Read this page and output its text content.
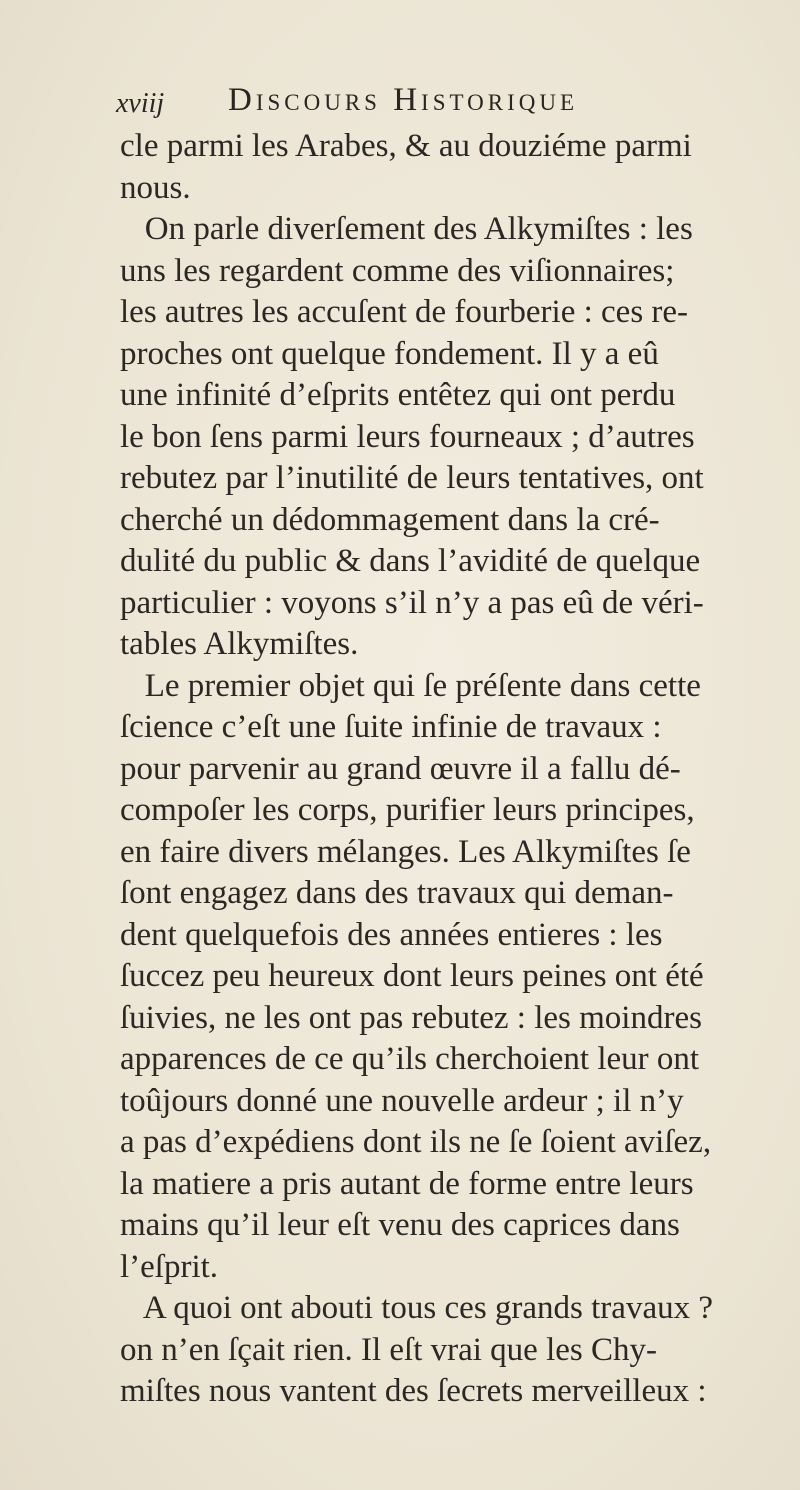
xviij Discours Historique
cle parmi les Arabes, & au douziéme parmi
nous.
On parle diverſement des Alkymiſtes : les
uns les regardent comme des viſionnaires;
les autres les accuſent de fourberie : ces re-
proches ont quelque fondement. Il y a eû
une infinité d’eſprits entêtez qui ont perdu
le bon ſens parmi leurs fourneaux ; d’autres
rebutez par l’inutilité de leurs tentatives, ont
cherché un dédommagement dans la cré-
dulité du public & dans l’avidité de quelque
particulier : voyons s’il n’y a pas eû de véri-
tables Alkymiſtes.
Le premier objet qui ſe préſente dans cette
ſcience c’eſt une ſuite infinie de travaux :
pour parvenir au grand œuvre il a fallu dé-
compoſer les corps, purifier leurs principes,
en faire divers mélanges. Les Alkymiſtes ſe
ſont engagez dans des travaux qui deman-
dent quelquefois des années entieres : les
ſuccez peu heureux dont leurs peines ont été
ſuivies, ne les ont pas rebutez : les moindres
apparences de ce qu’ils cherchoient leur ont
toûjours donné une nouvelle ardeur ; il n’y
a pas d’expédiens dont ils ne ſe ſoient aviſez,
la matiere a pris autant de forme entre leurs
mains qu’il leur eſt venu des caprices dans
l’eſprit.
A quoi ont abouti tous ces grands travaux ?
on n’en ſçait rien. Il eſt vrai que les Chy-
miſtes nous vantent des ſecrets merveilleux :
